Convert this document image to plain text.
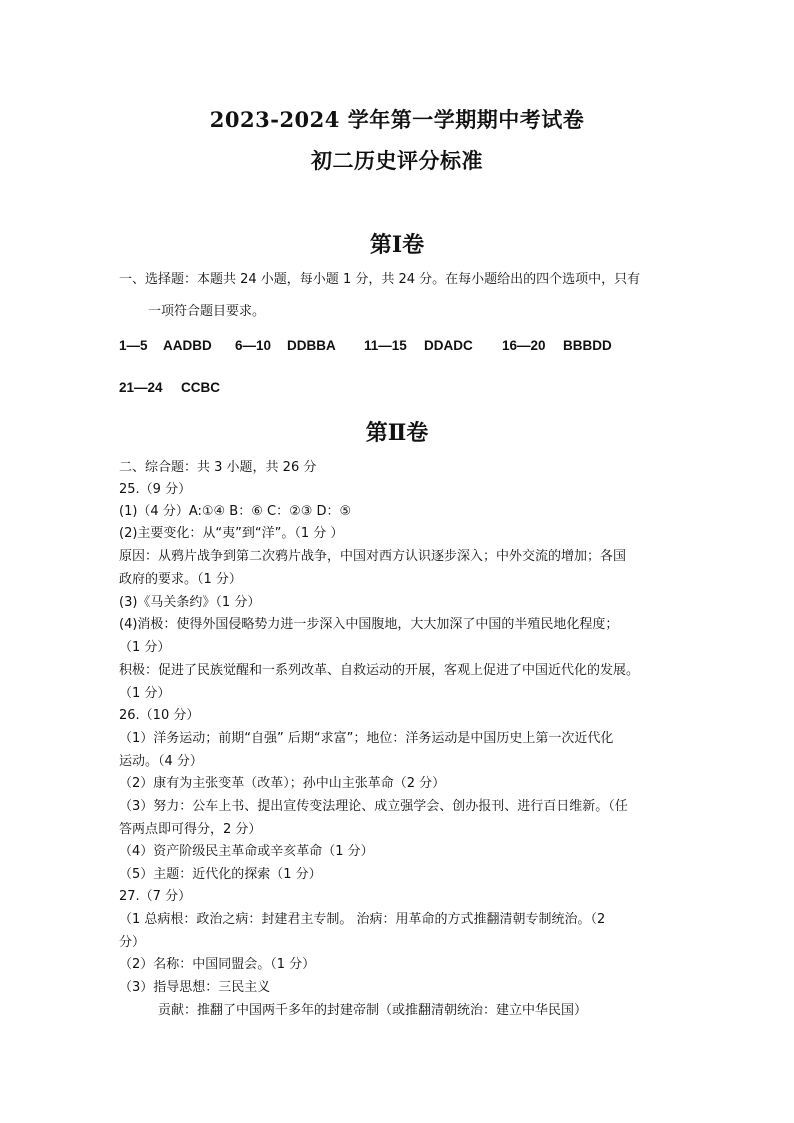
2023-2024 学年第一学期期中考试卷
初二历史评分标准
第Ⅰ卷
一、选择题：本题共 24 小题，每小题 1 分，共 24 分。在每小题给出的四个选项中，只有
一项符合题目要求。
1—5 AADBD 6—10 DDBBA 11—15 DDADC 16—20 BBBDD
21—24 CCBC
第Ⅱ卷
二、综合题：共 3 小题，共 26 分
25.（9 分）
(1)（4 分）A:①④ B：⑥ C：②③ D：⑤
(2)主要变化：从“夷”到“洋”。（1 分 ）
原因：从鸦片战争到第二次鸦片战争，中国对西方认识逐步深入；中外交流的增加；各国
政府的要求。（1 分）
(3)《马关条约》（1 分）
(4)消极：使得外国侵略势力进一步深入中国腹地，大大加深了中国的半殖民地化程度；
（1 分）
积极：促进了民族觉醒和一系列改革、自救运动的开展，客观上促进了中国近代化的发展。
（1 分）
26.（10 分）
（1）洋务运动；前期“自强” 后期“求富”；地位：洋务运动是中国历史上第一次近代化
运动。（4 分）
（2）康有为主张变革（改革）；孙中山主张革命（2 分）
（3）努力：公车上书、提出宣传变法理论、成立强学会、创办报刊、进行百日维新。（任
答两点即可得分，2 分）
（4）资产阶级民主革命或辛亥革命（1 分）
（5）主题：近代化的探索（1 分）
27.（7 分）
（1 总病根：政治之病：封建君主专制。 治病：用革命的方式推翻清朝专制统治。（2
分）
（2）名称：中国同盟会。（1 分）
（3）指导思想：三民主义
贡献：推翻了中国两千多年的封建帝制（或推翻清朝统治：建立中华民国）
